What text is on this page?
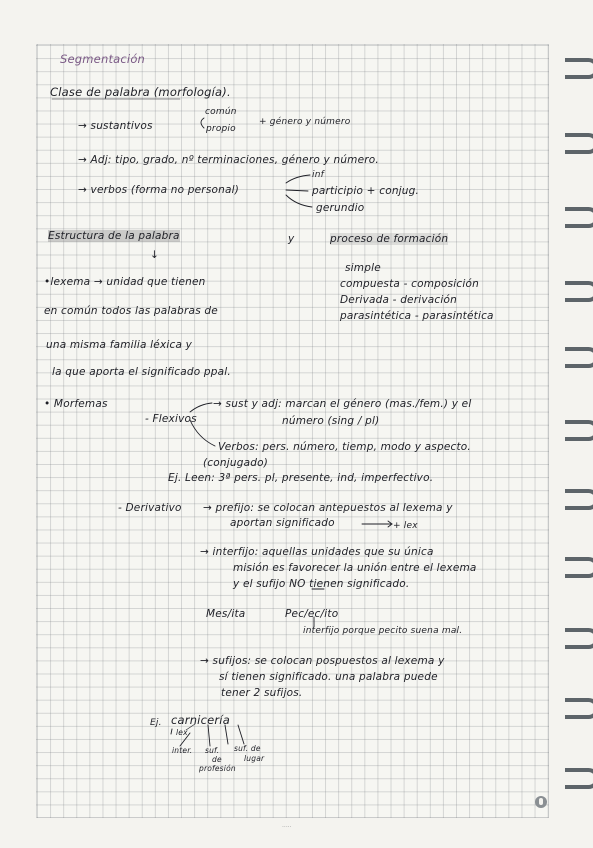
Segmentación
Clase de palabra (morfología).
común
→ sustantivos	propio
+ género y número
→ Adj: tipo, grado, nº terminaciones, género y número.
→ verbos (forma no personal)
inf
participio + conjug.
gerundio
Estructura de la palabra	y	proceso de formación
↓
•lexema → unidad que tienen
en común todos las palabras de
una misma familia léxica y
la que aporta el significado ppal.
simple
compuesta - composición
Derivada - derivación
parasintética - parasintética
• Morfemas
- Flexivos
→ sust y adj: marcan el género (mas./fem.) y el
número (sing / pl)
Verbos: pers. número, tiemp, modo y aspecto.
(conjugado)
Ej. Leen: 3ª pers. pl, presente, ind, imperfectivo.
- Derivativo → prefijo: se colocan antepuestos al lexema y
aportan significado	+ lex
→ interfijo: aquellas unidades que su única
misión es favorecer la unión entre el lexema
y el sufijo NO tienen significado.
Mes/ita	Pec/ec/ito
interfijo porque pecito suena mal.
→ sufijos: se colocan pospuestos al lexema y
sí tienen significado. una palabra puede
tener 2 sufijos.
Ej. carnicería
lex
inter. suf.
de
profesión
suf. de
lugar
·····
